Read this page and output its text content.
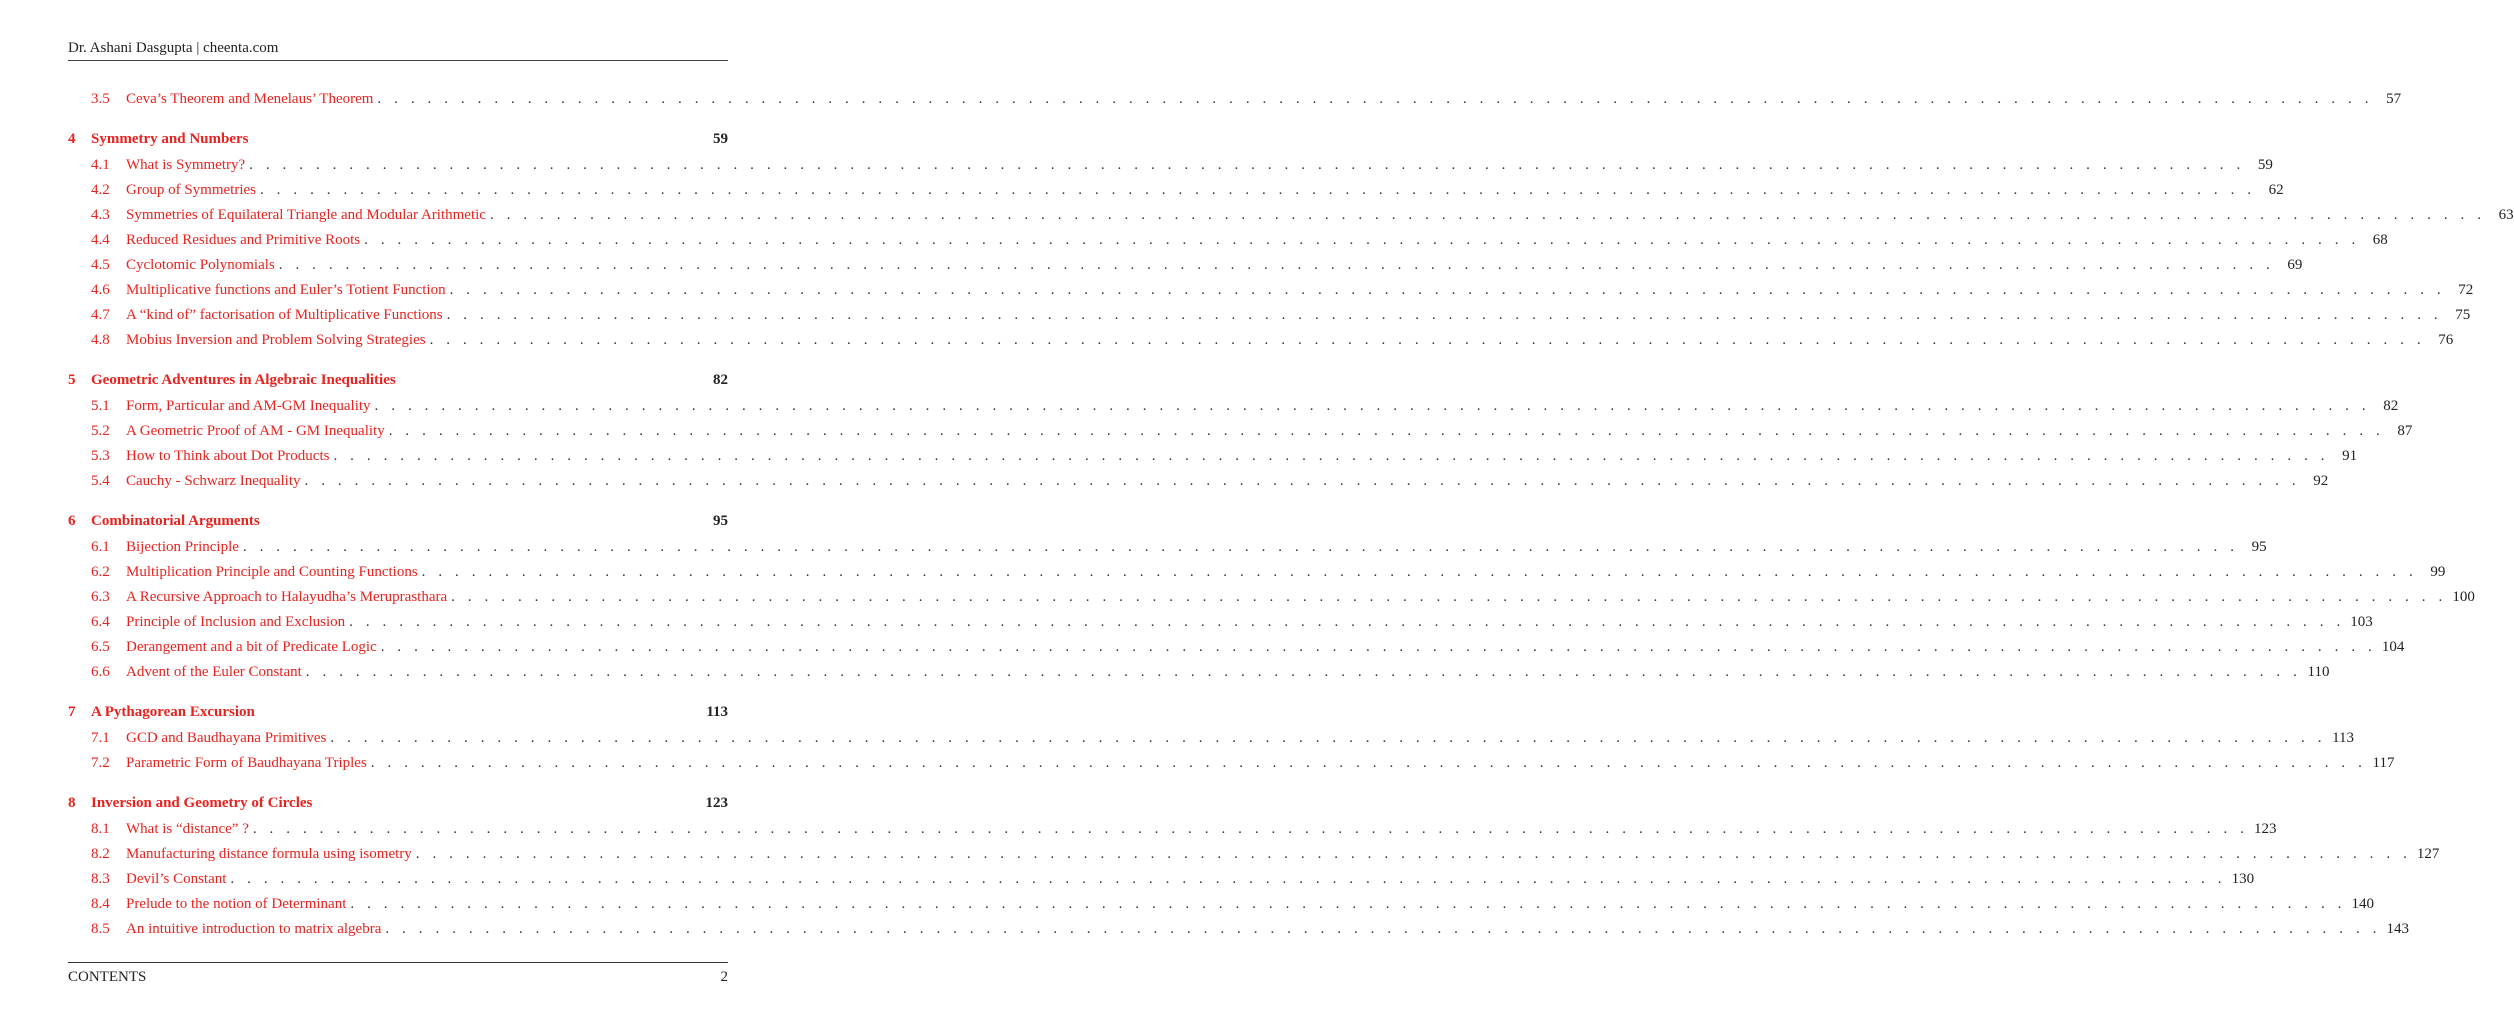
Dr. Ashani Dasgupta | cheenta.com
3.5	Ceva’s Theorem and Menelaus’ Theorem . . . . . . . . . . . . . . . . . . . . . . . . . . . . . . . . . . . . . . . . . . . . . . . . . . . . . . . . . . . . . . . . . . . . . . . . . . . . . . . . . . . . . . . . . . . . . . . . . . . . . . . . . . . . . . . . . . . . . . . . 57
4	Symmetry and Numbers	59
4.1	What is Symmetry? . . . . . . . . . . . . . . . . . . . . . . . . . . . . . . . . . . . . . . . . . . . . . . . . . . . . . . . . . . . . . . . . . . . . . . . . . . . . . . . . . . . . . . . . . . . . . . . . . . . . . . . . . . . . . . . . . . . . . . . . 59
4.2	Group of Symmetries . . . . . . . . . . . . . . . . . . . . . . . . . . . . . . . . . . . . . . . . . . . . . . . . . . . . . . . . . . . . . . . . . . . . . . . . . . . . . . . . . . . . . . . . . . . . . . . . . . . . . . . . . . . . . . . . . . . . . . . . 62
4.3	Symmetries of Equilateral Triangle and Modular Arithmetic . . . . . . . . . . . . . . . . . . . . . . . . . . . . . . . . . . . . . . . . . . . . . . . . . . . . . . . . . . . . . . . . . . . . . . . . . . . . . . . . . . . . . . . . . . . . . . . . . . . . . . . . . . . . . . . . . . . . . . . . 63
4.4	Reduced Residues and Primitive Roots . . . . . . . . . . . . . . . . . . . . . . . . . . . . . . . . . . . . . . . . . . . . . . . . . . . . . . . . . . . . . . . . . . . . . . . . . . . . . . . . . . . . . . . . . . . . . . . . . . . . . . . . . . . . . . . . . . . . . . . . 68
4.5	Cyclotomic Polynomials . . . . . . . . . . . . . . . . . . . . . . . . . . . . . . . . . . . . . . . . . . . . . . . . . . . . . . . . . . . . . . . . . . . . . . . . . . . . . . . . . . . . . . . . . . . . . . . . . . . . . . . . . . . . . . . . . . . . . . . . 69
4.6	Multiplicative functions and Euler’s Totient Function . . . . . . . . . . . . . . . . . . . . . . . . . . . . . . . . . . . . . . . . . . . . . . . . . . . . . . . . . . . . . . . . . . . . . . . . . . . . . . . . . . . . . . . . . . . . . . . . . . . . . . . . . . . . . . . . . . . . . . . . 72
4.7	A “kind of” factorisation of Multiplicative Functions . . . . . . . . . . . . . . . . . . . . . . . . . . . . . . . . . . . . . . . . . . . . . . . . . . . . . . . . . . . . . . . . . . . . . . . . . . . . . . . . . . . . . . . . . . . . . . . . . . . . . . . . . . . . . . . . . . . . . . . . 75
4.8	Mobius Inversion and Problem Solving Strategies . . . . . . . . . . . . . . . . . . . . . . . . . . . . . . . . . . . . . . . . . . . . . . . . . . . . . . . . . . . . . . . . . . . . . . . . . . . . . . . . . . . . . . . . . . . . . . . . . . . . . . . . . . . . . . . . . . . . . . . . 76
5	Geometric Adventures in Algebraic Inequalities	82
5.1	Form, Particular and AM-GM Inequality . . . . . . . . . . . . . . . . . . . . . . . . . . . . . . . . . . . . . . . . . . . . . . . . . . . . . . . . . . . . . . . . . . . . . . . . . . . . . . . . . . . . . . . . . . . . . . . . . . . . . . . . . . . . . . . . . . . . . . . . 82
5.2	A Geometric Proof of AM - GM Inequality . . . . . . . . . . . . . . . . . . . . . . . . . . . . . . . . . . . . . . . . . . . . . . . . . . . . . . . . . . . . . . . . . . . . . . . . . . . . . . . . . . . . . . . . . . . . . . . . . . . . . . . . . . . . . . . . . . . . . . . . 87
5.3	How to Think about Dot Products . . . . . . . . . . . . . . . . . . . . . . . . . . . . . . . . . . . . . . . . . . . . . . . . . . . . . . . . . . . . . . . . . . . . . . . . . . . . . . . . . . . . . . . . . . . . . . . . . . . . . . . . . . . . . . . . . . . . . . . . 91
5.4	Cauchy - Schwarz Inequality . . . . . . . . . . . . . . . . . . . . . . . . . . . . . . . . . . . . . . . . . . . . . . . . . . . . . . . . . . . . . . . . . . . . . . . . . . . . . . . . . . . . . . . . . . . . . . . . . . . . . . . . . . . . . . . . . . . . . . . . 92
6	Combinatorial Arguments	95
6.1	Bijection Principle . . . . . . . . . . . . . . . . . . . . . . . . . . . . . . . . . . . . . . . . . . . . . . . . . . . . . . . . . . . . . . . . . . . . . . . . . . . . . . . . . . . . . . . . . . . . . . . . . . . . . . . . . . . . . . . . . . . . . . . . 95
6.2	Multiplication Principle and Counting Functions . . . . . . . . . . . . . . . . . . . . . . . . . . . . . . . . . . . . . . . . . . . . . . . . . . . . . . . . . . . . . . . . . . . . . . . . . . . . . . . . . . . . . . . . . . . . . . . . . . . . . . . . . . . . . . . . . . . . . . . . 99
6.3	A Recursive Approach to Halayudha’s Meruprasthara . . . . . . . . . . . . . . . . . . . . . . . . . . . . . . . . . . . . . . . . . . . . . . . . . . . . . . . . . . . . . . . . . . . . . . . . . . . . . . . . . . . . . . . . . . . . . . . . . . . . . . . . . . . . . . . . . . . . . . . . 100
6.4	Principle of Inclusion and Exclusion . . . . . . . . . . . . . . . . . . . . . . . . . . . . . . . . . . . . . . . . . . . . . . . . . . . . . . . . . . . . . . . . . . . . . . . . . . . . . . . . . . . . . . . . . . . . . . . . . . . . . . . . . . . . . . . . . . . . . . . . 103
6.5	Derangement and a bit of Predicate Logic . . . . . . . . . . . . . . . . . . . . . . . . . . . . . . . . . . . . . . . . . . . . . . . . . . . . . . . . . . . . . . . . . . . . . . . . . . . . . . . . . . . . . . . . . . . . . . . . . . . . . . . . . . . . . . . . . . . . . . . . 104
6.6	Advent of the Euler Constant . . . . . . . . . . . . . . . . . . . . . . . . . . . . . . . . . . . . . . . . . . . . . . . . . . . . . . . . . . . . . . . . . . . . . . . . . . . . . . . . . . . . . . . . . . . . . . . . . . . . . . . . . . . . . . . . . . . . . . . . 110
7	A Pythagorean Excursion	113
7.1	GCD and Baudhayana Primitives . . . . . . . . . . . . . . . . . . . . . . . . . . . . . . . . . . . . . . . . . . . . . . . . . . . . . . . . . . . . . . . . . . . . . . . . . . . . . . . . . . . . . . . . . . . . . . . . . . . . . . . . . . . . . . . . . . . . . . . . 113
7.2	Parametric Form of Baudhayana Triples . . . . . . . . . . . . . . . . . . . . . . . . . . . . . . . . . . . . . . . . . . . . . . . . . . . . . . . . . . . . . . . . . . . . . . . . . . . . . . . . . . . . . . . . . . . . . . . . . . . . . . . . . . . . . . . . . . . . . . . . 117
8	Inversion and Geometry of Circles	123
8.1	What is “distance” ? . . . . . . . . . . . . . . . . . . . . . . . . . . . . . . . . . . . . . . . . . . . . . . . . . . . . . . . . . . . . . . . . . . . . . . . . . . . . . . . . . . . . . . . . . . . . . . . . . . . . . . . . . . . . . . . . . . . . . . . . 123
8.2	Manufacturing distance formula using isometry . . . . . . . . . . . . . . . . . . . . . . . . . . . . . . . . . . . . . . . . . . . . . . . . . . . . . . . . . . . . . . . . . . . . . . . . . . . . . . . . . . . . . . . . . . . . . . . . . . . . . . . . . . . . . . . . . . . . . . . . 127
8.3	Devil’s Constant . . . . . . . . . . . . . . . . . . . . . . . . . . . . . . . . . . . . . . . . . . . . . . . . . . . . . . . . . . . . . . . . . . . . . . . . . . . . . . . . . . . . . . . . . . . . . . . . . . . . . . . . . . . . . . . . . . . . . . . . 130
8.4	Prelude to the notion of Determinant . . . . . . . . . . . . . . . . . . . . . . . . . . . . . . . . . . . . . . . . . . . . . . . . . . . . . . . . . . . . . . . . . . . . . . . . . . . . . . . . . . . . . . . . . . . . . . . . . . . . . . . . . . . . . . . . . . . . . . . . 140
8.5	An intuitive introduction to matrix algebra . . . . . . . . . . . . . . . . . . . . . . . . . . . . . . . . . . . . . . . . . . . . . . . . . . . . . . . . . . . . . . . . . . . . . . . . . . . . . . . . . . . . . . . . . . . . . . . . . . . . . . . . . . . . . . . . . . . . . . . . 143
CONTENTS	2
